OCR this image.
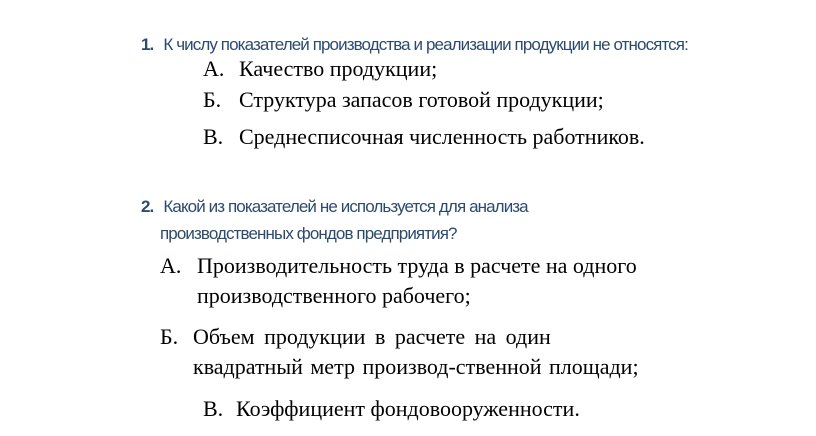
1. К числу показателей производства и реализации продукции не относятся:
А. Качество продукции;
Б. Структура запасов готовой продукции;
В. Среднесписочная численность работников.
2. Какой из показателей не используется для анализа
производственных фондов предприятия?
А. Производительность труда в расчете на одного
производственного рабочего;
Б. Объем продукции в расчете на один
квадратный метр производ-ственной площади;
В. Коэффициент фондовооруженности.
